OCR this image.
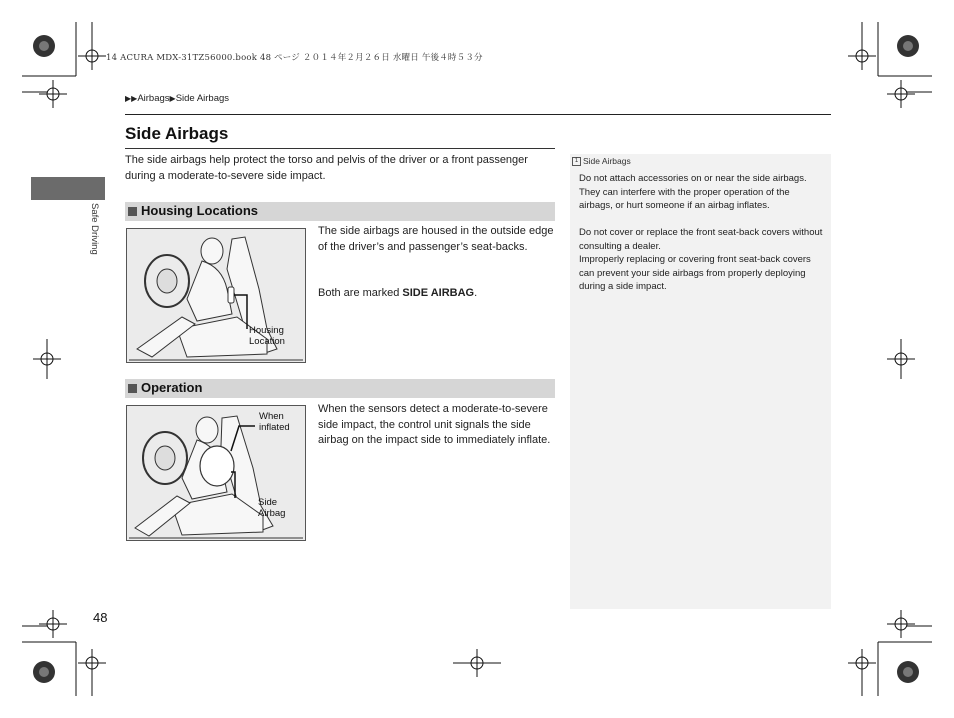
14 ACURA MDX-31TZ56000.book 48 ページ ２０１４年２月２６日 水曜日 午後４時５３分
▶▶Airbags▶Side Airbags
Safe Driving
Side Airbags
The side airbags help protect the torso and pelvis of the driver or a front passenger during a moderate-to-severe side impact.
Housing Locations
Housing
Location
The side airbags are housed in the outside edge of the driver’s and passenger’s seat-backs.
Both are marked SIDE AIRBAG.
Operation
When
inflated
Side
Airbag
When the sensors detect a moderate-to-severe side impact, the control unit signals the side airbag on the impact side to immediately inflate.
1 Side Airbags
Do not attach accessories on or near the side airbags. They can interfere with the proper operation of the airbags, or hurt someone if an airbag inflates.
Do not cover or replace the front seat-back covers without consulting a dealer.
Improperly replacing or covering front seat-back covers can prevent your side airbags from properly deploying during a side impact.
48
